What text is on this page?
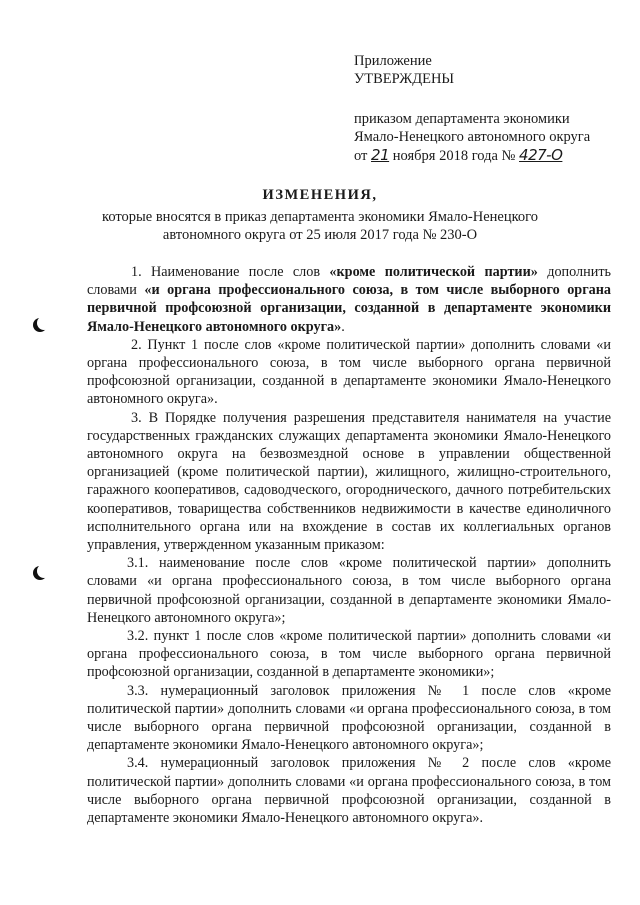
Приложение
УТВЕРЖДЕНЫ
приказом департамента экономики
Ямало-Ненецкого автономного округа
от 21 ноября 2018 года № 427-О
ИЗМЕНЕНИЯ,
которые вносятся в приказ департамента экономики Ямало-Ненецкого
автономного округа от 25 июля 2017 года № 230-О

1. Наименование после слов «кроме политической партии» дополнить словами «и органа профессионального союза, в том числе выборного органа первичной профсоюзной организации, созданной в департаменте экономики Ямало-Ненецкого автономного округа».

2. Пункт 1 после слов «кроме политической партии» дополнить словами «и органа профессионального союза, в том числе выборного органа первичной профсоюзной организации, созданной в департаменте экономики Ямало-Ненецкого автономного округа».

3. В Порядке получения разрешения представителя нанимателя на участие государственных гражданских служащих департамента экономики Ямало-Ненецкого автономного округа на безвозмездной основе в управлении общественной организацией (кроме политической партии), жилищного, жилищно-строительного, гаражного кооперативов, садоводческого, огороднического, дачного потребительских кооперативов, товарищества собственников недвижимости в качестве единоличного исполнительного органа или на вхождение в состав их коллегиальных органов управления, утвержденном указанным приказом:

3.1. наименование после слов «кроме политической партии» дополнить словами «и органа профессионального союза, в том числе выборного органа первичной профсоюзной организации, созданной в департаменте экономики Ямало-Ненецкого автономного округа»;

3.2. пункт 1 после слов «кроме политической партии» дополнить словами «и органа профессионального союза, в том числе выборного органа первичной профсоюзной организации, созданной в департаменте экономики»;

3.3. нумерационный заголовок приложения № 1 после слов «кроме политической партии» дополнить словами «и органа профессионального союза, в том числе выборного органа первичной профсоюзной организации, созданной в департаменте экономики Ямало-Ненецкого автономного округа»;

3.4. нумерационный заголовок приложения № 2 после слов «кроме политической партии» дополнить словами «и органа профессионального союза, в том числе выборного органа первичной профсоюзной организации, созданной в департаменте экономики Ямало-Ненецкого автономного округа».
